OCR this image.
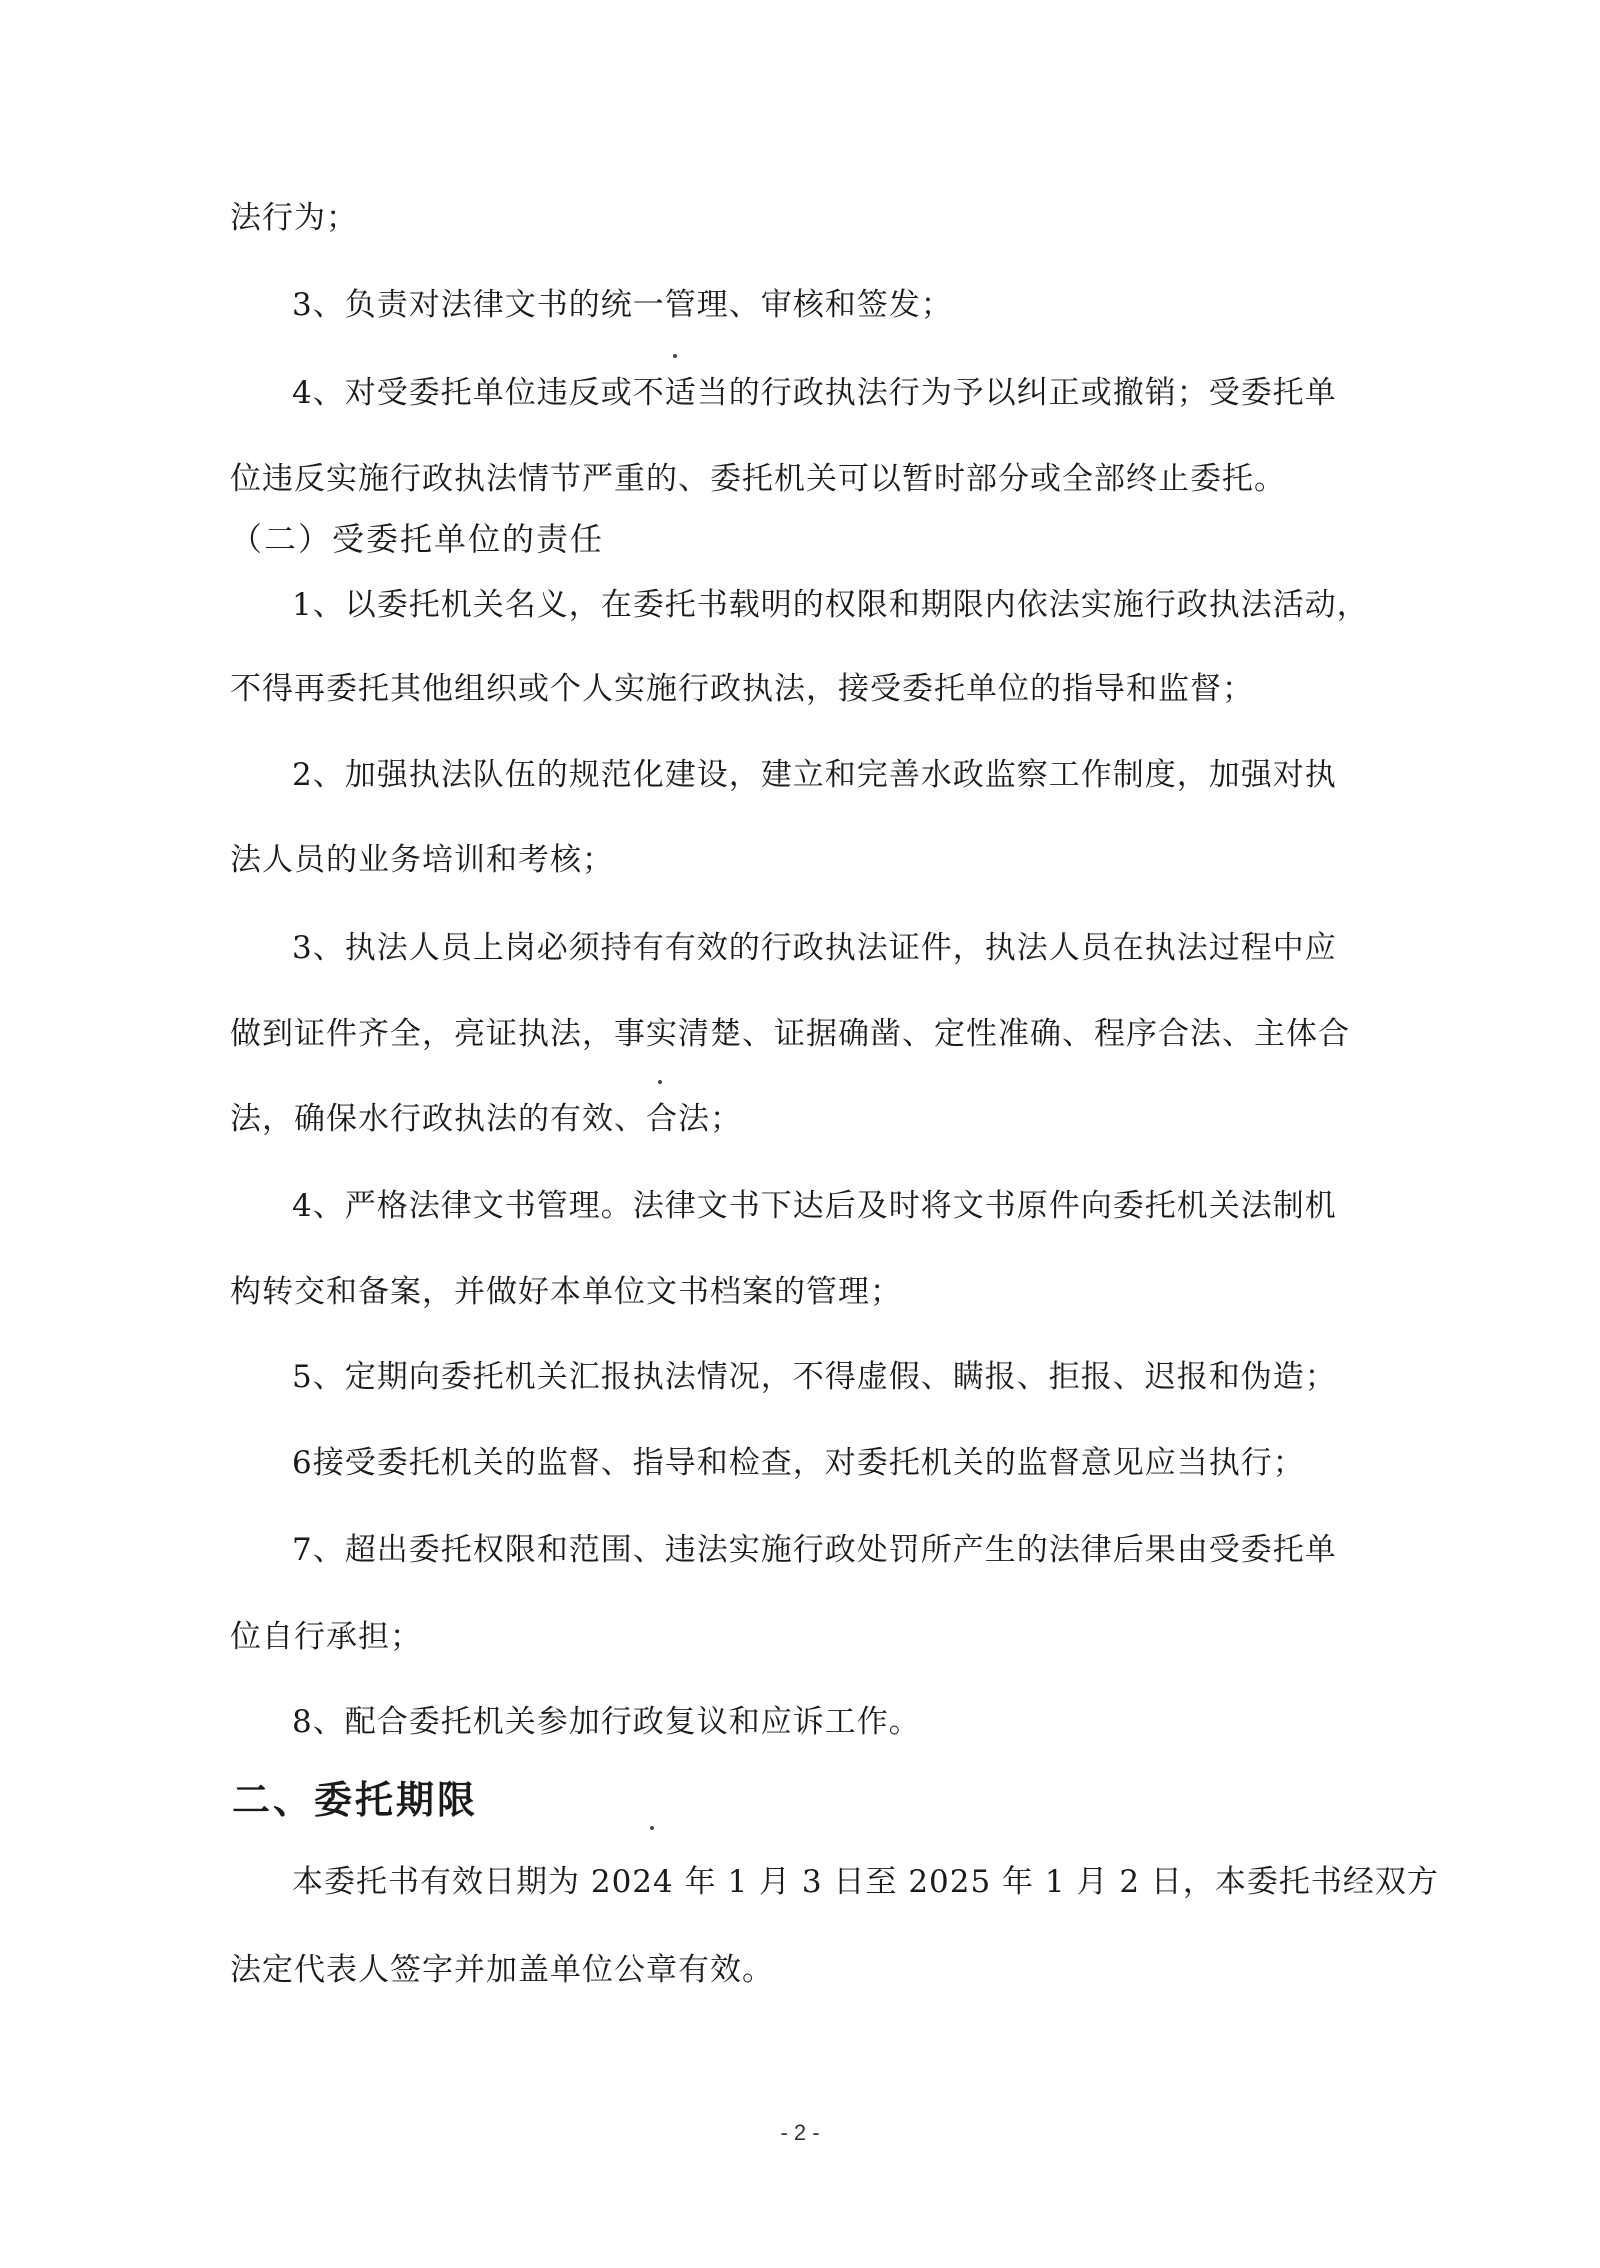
法行为；
3、负责对法律文书的统一管理、审核和签发；
4、对受委托单位违反或不适当的行政执法行为予以纠正或撤销；受委托单
位违反实施行政执法情节严重的、委托机关可以暂时部分或全部终止委托。
（二）受委托单位的责任
1、以委托机关名义，在委托书载明的权限和期限内依法实施行政执法活动，
不得再委托其他组织或个人实施行政执法，接受委托单位的指导和监督；
2、加强执法队伍的规范化建设，建立和完善水政监察工作制度，加强对执
法人员的业务培训和考核；
3、执法人员上岗必须持有有效的行政执法证件，执法人员在执法过程中应
做到证件齐全，亮证执法，事实清楚、证据确凿、定性准确、程序合法、主体合
法，确保水行政执法的有效、合法；
4、严格法律文书管理。法律文书下达后及时将文书原件向委托机关法制机
构转交和备案，并做好本单位文书档案的管理；
5、定期向委托机关汇报执法情况，不得虚假、瞒报、拒报、迟报和伪造；
6接受委托机关的监督、指导和检查，对委托机关的监督意见应当执行；
7、超出委托权限和范围、违法实施行政处罚所产生的法律后果由受委托单
位自行承担；
8、配合委托机关参加行政复议和应诉工作。
二、委托期限
本委托书有效日期为 2024 年 1 月 3 日至 2025 年 1 月 2 日，本委托书经双方
法定代表人签字并加盖单位公章有效。
- 2 -
